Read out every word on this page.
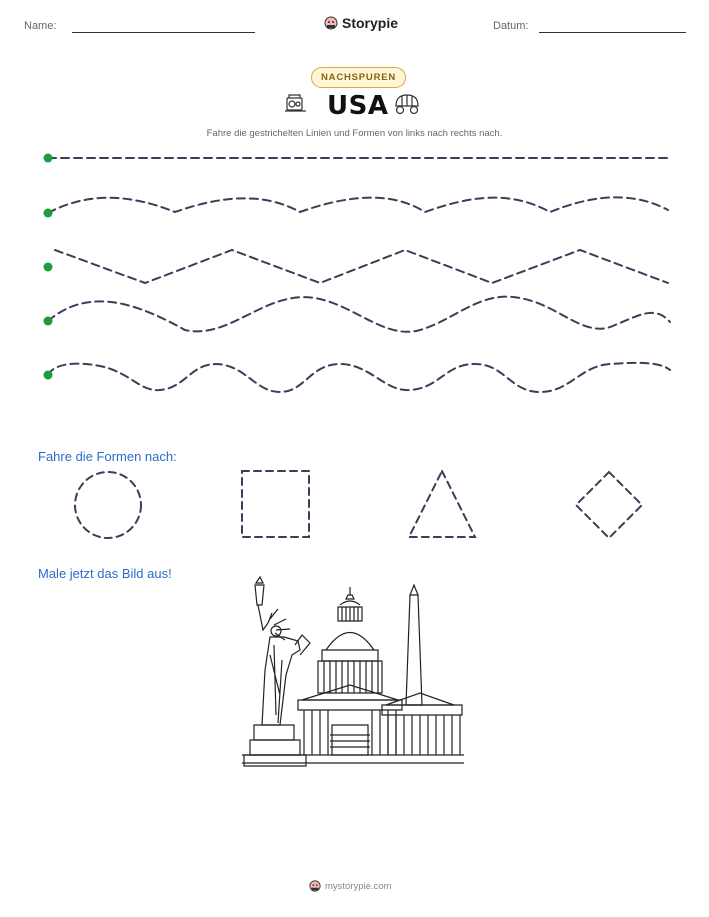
Name:	Storypie	Datum:
NACHSPUREN
USA
Fahre die gestrichelten Linien und Formen von links nach rechts nach.
Fahre die Formen nach:
Male jetzt das Bild aus!
mystorypie.com
